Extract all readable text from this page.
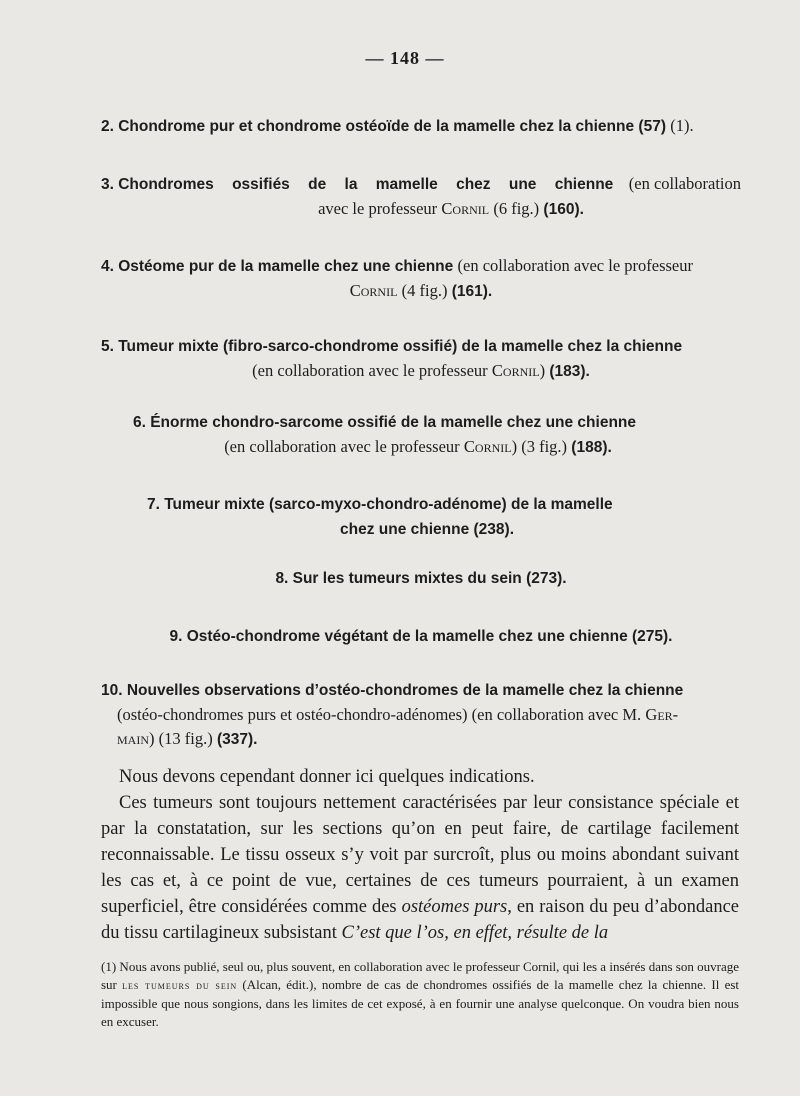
— 148 —
2. Chondrome pur et chondrome ostéoïde de la mamelle chez la chienne (57) (1).
3. Chondromes ossifiés de la mamelle chez une chienne (en collaboration
avec le professeur Cornil (6 fig.) (160).
4. Ostéome pur de la mamelle chez une chienne (en collaboration avec le professeur
Cornil (4 fig.) (161).
5. Tumeur mixte (fibro-sarco-chondrome ossifié) de la mamelle chez la chienne
(en collaboration avec le professeur Cornil) (183).
6. Énorme chondro-sarcome ossifié de la mamelle chez une chienne
(en collaboration avec le professeur Cornil) (3 fig.) (188).
7. Tumeur mixte (sarco-myxo-chondro-adénome) de la mamelle
chez une chienne (238).
8. Sur les tumeurs mixtes du sein (273).
9. Ostéo-chondrome végétant de la mamelle chez une chienne (275).
10. Nouvelles observations d’ostéo-chondromes de la mamelle chez la chienne
(ostéo-chondromes purs et ostéo-chondro-adénomes) (en collaboration avec M. Ger-
main) (13 fig.) (337).

Nous devons cependant donner ici quelques indications.

Ces tumeurs sont toujours nettement caractérisées par leur consistance spéciale et par la constatation, sur les sections qu’on en peut faire, de cartilage facilement reconnaissable. Le tissu osseux s’y voit par surcroît, plus ou moins abondant suivant les cas et, à ce point de vue, certaines de ces tumeurs pourraient, à un examen superficiel, être considérées comme des ostéomes purs, en raison du peu d’abondance du tissu cartilagineux subsistant C’est que l’os, en effet, résulte de la

(1) Nous avons publié, seul ou, plus souvent, en collaboration avec le professeur Cornil, qui les a insérés dans son ouvrage sur les tumeurs du sein (Alcan, édit.), nombre de cas de chondromes ossifiés de la mamelle chez la chienne. Il est impossible que nous songions, dans les limites de cet exposé, à en fournir une analyse quelconque. On voudra bien nous en excuser.
